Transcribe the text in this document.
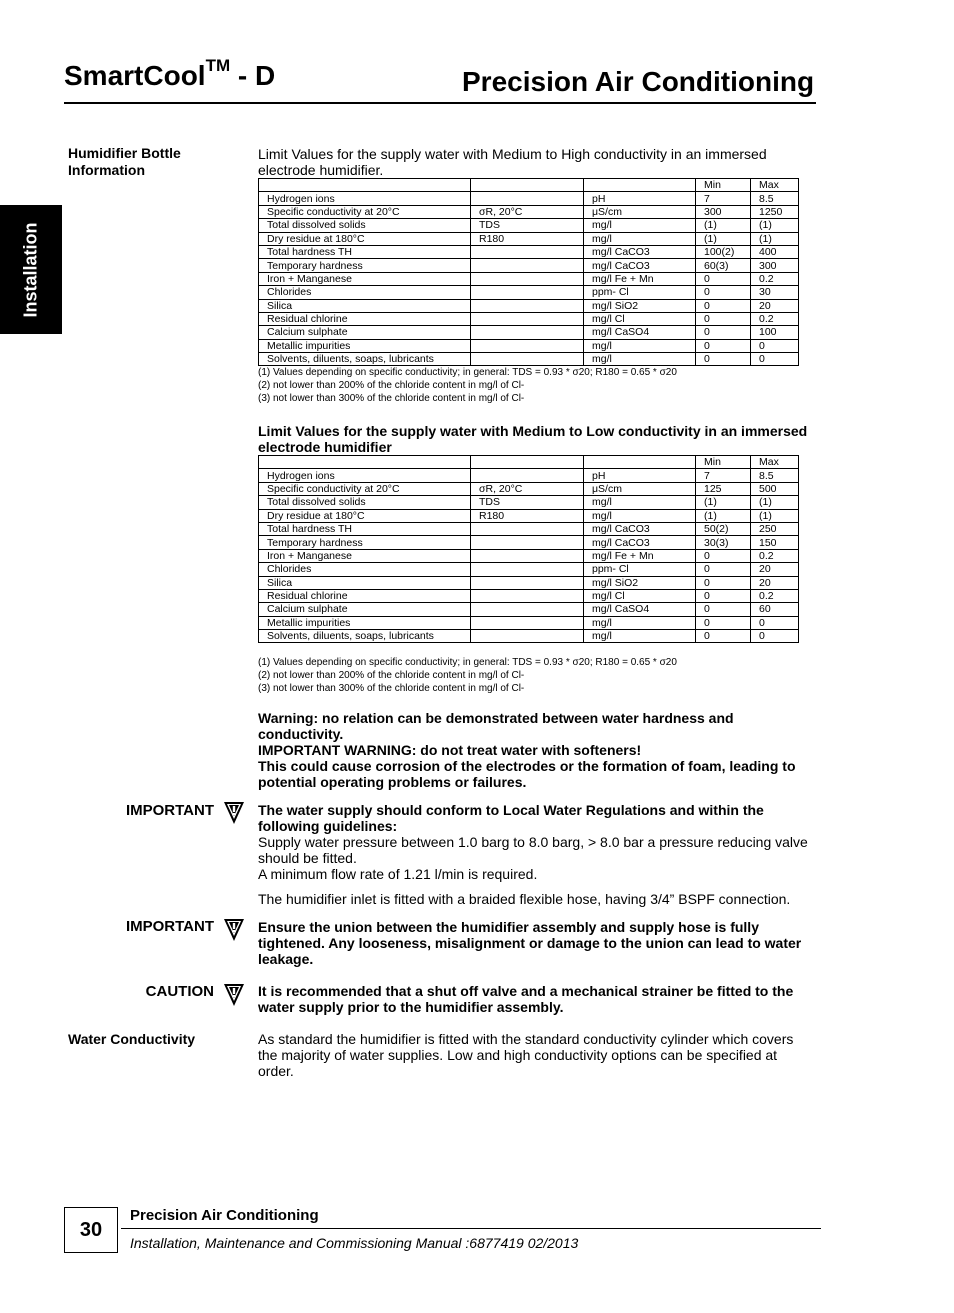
SmartCool™ - D	Precision Air Conditioning
Installation
Humidifier Bottle
Information
Limit Values for the supply water with Medium to High conductivity in an immersed electrode humidifier.
			Min	Max
Hydrogen ions		pH	7	8.5
Specific conductivity at 20°C	σR, 20°C	μS/cm	300	1250
Total dissolved solids	TDS	mg/l	(1)	(1)
Dry residue at 180°C	R180	mg/l	(1)	(1)
Total hardness TH		mg/l CaCO3	100(2)	400
Temporary hardness		mg/l CaCO3	60(3)	300
Iron + Manganese		mg/l Fe + Mn	0	0.2
Chlorides		ppm- Cl	0	30
Silica		mg/l SiO2	0	20
Residual chlorine		mg/l Cl	0	0.2
Calcium sulphate		mg/l CaSO4	0	100
Metallic impurities		mg/l	0	0
Solvents, diluents, soaps, lubricants		mg/l	0	0
(1) Values depending on specific conductivity; in general: TDS = 0.93 * σ20; R180 = 0.65 * σ20
(2) not lower than 200% of the chloride content in mg/l of Cl-
(3) not lower than 300% of the chloride content in mg/l of Cl-
Limit Values for the supply water with Medium to Low conductivity in an immersed electrode humidifier
			Min	Max
Hydrogen ions		pH	7	8.5
Specific conductivity at 20°C	σR, 20°C	μS/cm	125	500
Total dissolved solids	TDS	mg/l	(1)	(1)
Dry residue at 180°C	R180	mg/l	(1)	(1)
Total hardness TH		mg/l CaCO3	50(2)	250
Temporary hardness		mg/l CaCO3	30(3)	150
Iron + Manganese		mg/l Fe + Mn	0	0.2
Chlorides		ppm- Cl	0	20
Silica		mg/l SiO2	0	20
Residual chlorine		mg/l Cl	0	0.2
Calcium sulphate		mg/l CaSO4	0	60
Metallic impurities		mg/l	0	0
Solvents, diluents, soaps, lubricants		mg/l	0	0
(1) Values depending on specific conductivity; in general: TDS = 0.93 * σ20; R180 = 0.65 * σ20
(2) not lower than 200% of the chloride content in mg/l of Cl-
(3) not lower than 300% of the chloride content in mg/l of Cl-
Warning: no relation can be demonstrated between water hardness and conductivity.
IMPORTANT WARNING: do not treat water with softeners!
This could cause corrosion of the electrodes or the formation of foam, leading to potential operating problems or failures.
IMPORTANT	The water supply should conform to Local Water Regulations and within the following guidelines:
Supply water pressure between 1.0 barg to 8.0 barg, > 8.0 bar a pressure reducing valve should be fitted.
A minimum flow rate of 1.21 l/min is required.
The humidifier inlet is fitted with a braided flexible hose, having 3/4” BSPF connection.
IMPORTANT	Ensure the union between the humidifier assembly and supply hose is fully tightened. Any looseness, misalignment or damage to the union can lead to water leakage.
CAUTION	It is recommended that a shut off valve and a mechanical strainer be fitted to the water supply prior to the humidifier assembly.
Water Conductivity	As standard the humidifier is fitted with the standard conductivity cylinder which covers the majority of water supplies. Low and high conductivity options can be specified at order.
30
Precision Air Conditioning
Installation, Maintenance and Commissioning Manual :6877419 02/2013
